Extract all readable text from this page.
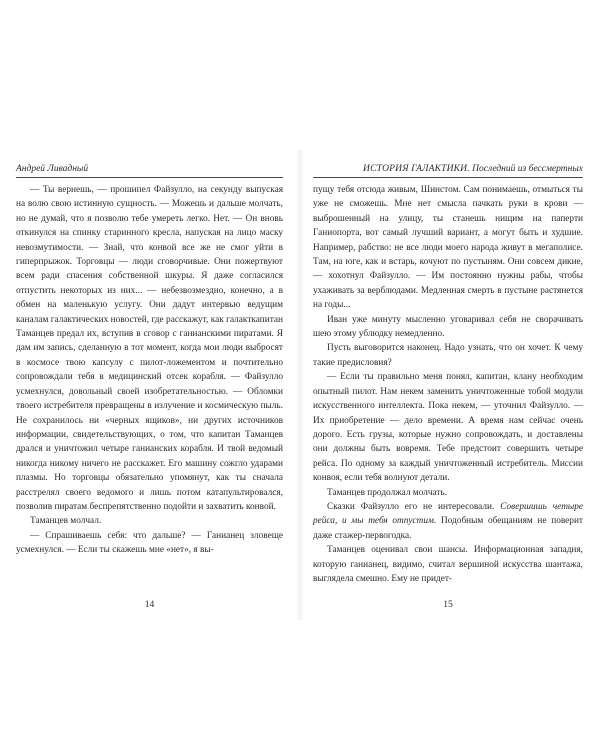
Андрей Ливадный

— Ты вернешь, — прошипел Файзулло, на секунду выпуская на волю свою истинную сущность. — Можешь и дальше молчать, но не думай, что я позволю тебе умереть легко. Нет. — Он вновь откинулся на спинку старинного кресла, напуская на лицо маску невозмутимости. — Знай, что конвой все же не смог уйти в гиперпрыжок. Торговцы — люди сговорчивые. Они пожертвуют всем ради спасения собственной шкуры. Я даже согласился отпустить некоторых из них... — небезвозмездно, конечно, а в обмен на маленькую услугу. Они дадут интервью ведущим каналам галактических новостей, где расскажут, как галакткапитан Таманцев предал их, вступив в сговор с ганианскими пиратами. Я дам им запись, сделанную в тот момент, когда мои люди выбросят в космосе твою капсулу с пилот-ложементом и почтительно сопровождали тебя в медицинский отсек корабля. — Файзулло усмехнулся, довольный своей изобретательностью. — Обломки твоего истребителя превращены в излучение и космическую пыль. Не сохранилось ни «черных ящиков», ни других источников информации, свидетельствующих, о том, что капитан Таманцев дрался и уничтожил четыре ганианских корабля. И твой ведомый никогда никому ничего не расскажет. Его машину сожгло ударами плазмы. Но торговцы обязательно упомянут, как ты сначала расстрелял своего ведомого и лишь потом катапультировался, позволив пиратам беспрепятственно подойти и захватить конвой.

Таманцев молчал.

— Спрашиваешь себя: что дальше? — Ганианец зловеще усмехнулся. — Если ты скажешь мне «нет», я вы-

ИСТОРИЯ ГАЛАКТИКИ. Последний из бессмертных

пущу тебя отсюда живым, Шинстом. Сам понимаешь, отмыться ты уже не сможешь. Мне нет смысла пачкать руки в крови — выброшенный на улицу, ты станешь нищим на паперти Ганиопорта, вот самый лучший вариант, а могут быть и худшие. Например, рабство: не все люди моего народа живут в мегаполисе. Там, на юге, как и встарь, кочуют по пустыням. Они совсем дикие, — хохотнул Файзулло. — Им постоянно нужны рабы, чтобы ухаживать за верблюдами. Медленная смерть в пустыне растянется на годы...

Иван уже минуту мысленно уговаривал себя не сворачивать шею этому ублюдку немедленно.

Пусть выговорится наконец. Надо узнать, что он хочет. К чему такие предисловия?

— Если ты правильно меня понял, капитан, клану необходим опытный пилот. Нам некем заменить уничтоженные тобой модули искусственного интеллекта. Пока некем, — уточнил Файзулло. — Их приобретение — дело времени. А время нам сейчас очень дорого. Есть грузы, которые нужно сопровождать, и доставлены они должны быть вовремя. Тебе предстоит совершить четыре рейса. По одному за каждый уничтоженный истребитель. Миссии конвоя, если тебя волнуют детали.

Таманцев продолжал молчать.

Сказки Файзулло его не интересовали. Совершишь четыре рейса, и мы тебя отпустим. Подобным обещаниям не поверит даже стажер-первогодка.

Таманцев оценивал свои шансы. Информационная западня, которую ганианец, видимо, считал вершиной искусства шантажа, выглядела смешно. Ему не придет-

14	15
